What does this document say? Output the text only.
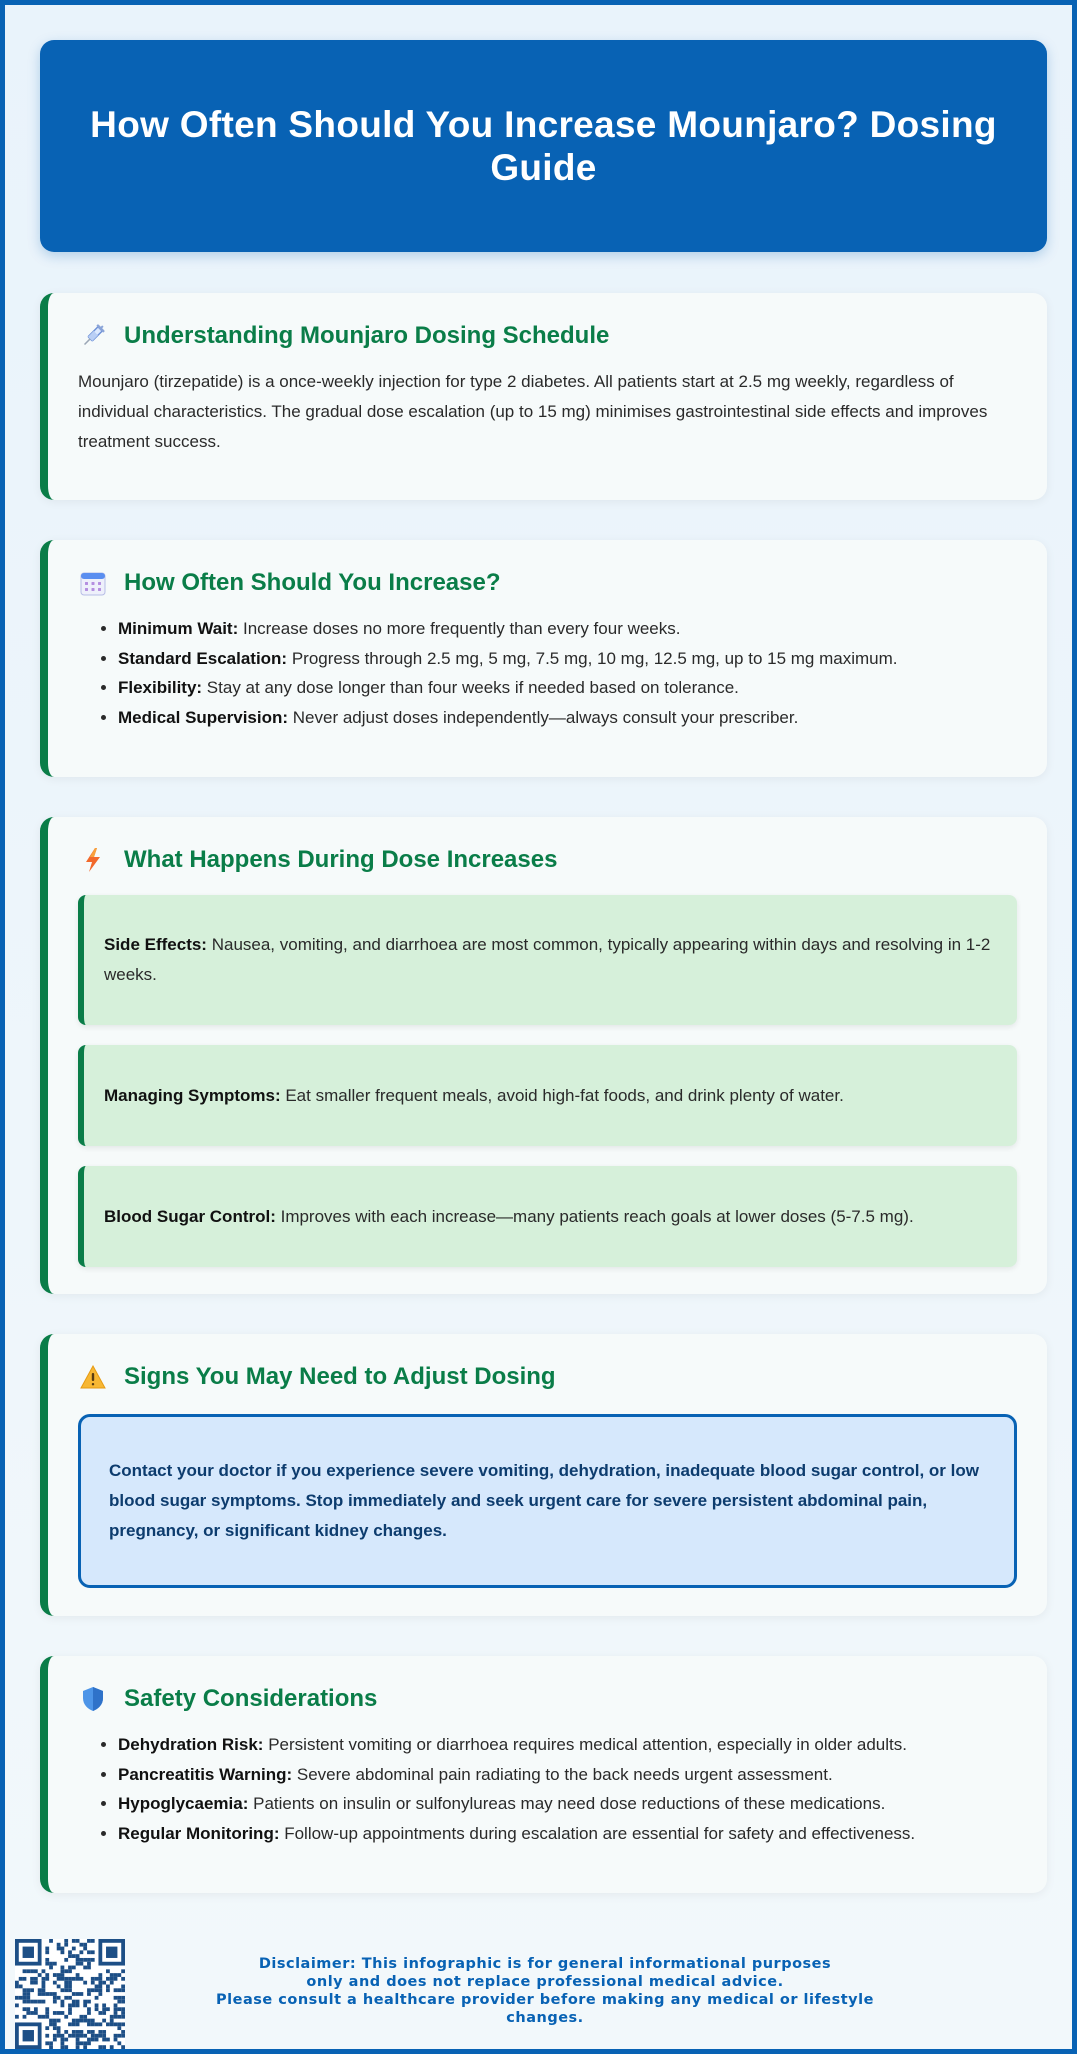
How Often Should You Increase Mounjaro? Dosing Guide
Understanding Mounjaro Dosing Schedule

Mounjaro (tirzepatide) is a once-weekly injection for type 2 diabetes. All patients start at 2.5 mg weekly, regardless of individual characteristics. The gradual dose escalation (up to 15 mg) minimises gastrointestinal side effects and improves treatment success.

How Often Should You Increase?
• Minimum Wait: Increase doses no more frequently than every four weeks.
• Standard Escalation: Progress through 2.5 mg, 5 mg, 7.5 mg, 10 mg, 12.5 mg, up to 15 mg maximum.
• Flexibility: Stay at any dose longer than four weeks if needed based on tolerance.
• Medical Supervision: Never adjust doses independently—always consult your prescriber.
What Happens During Dose Increases
Side Effects: Nausea, vomiting, and diarrhoea are most common, typically appearing within days and resolving in 1-2 weeks.
Managing Symptoms: Eat smaller frequent meals, avoid high-fat foods, and drink plenty of water.
Blood Sugar Control: Improves with each increase—many patients reach goals at lower doses (5-7.5 mg).
Signs You May Need to Adjust Dosing
Contact your doctor if you experience severe vomiting, dehydration, inadequate blood sugar control, or low blood sugar symptoms. Stop immediately and seek urgent care for severe persistent abdominal pain, pregnancy, or significant kidney changes.
Safety Considerations
• Dehydration Risk: Persistent vomiting or diarrhoea requires medical attention, especially in older adults.
• Pancreatitis Warning: Severe abdominal pain radiating to the back needs urgent assessment.
• Hypoglycaemia: Patients on insulin or sulfonylureas may need dose reductions of these medications.
• Regular Monitoring: Follow-up appointments during escalation are essential for safety and effectiveness.
Disclaimer: This infographic is for general informational purposes
only and does not replace professional medical advice.
Please consult a healthcare provider before making any medical or lifestyle changes.
